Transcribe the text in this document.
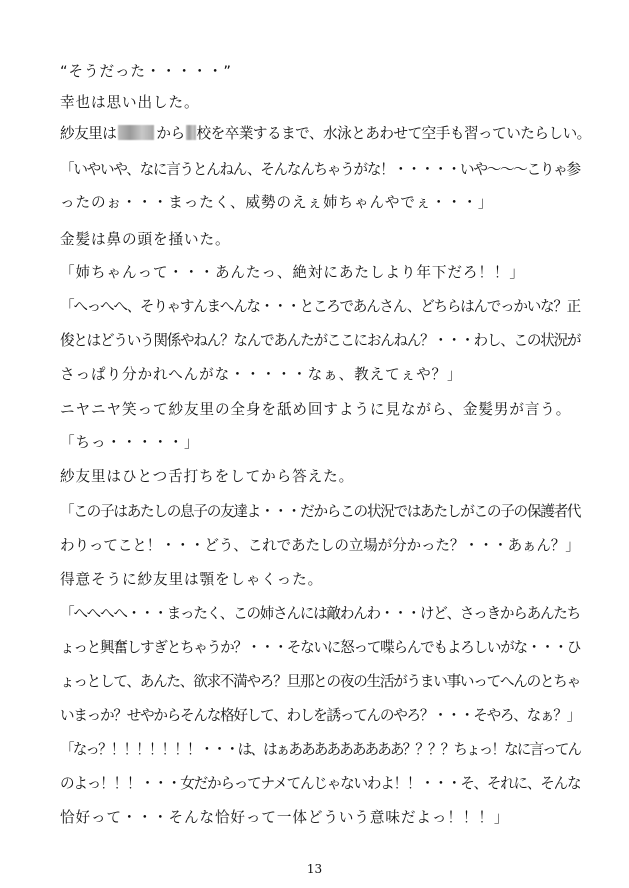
“そうだった・・・・・”
幸也は思い出した。
紗友里は	から 校を卒業するまで、水泳とあわせて空手も習っていたらしい。
「いやいや、なに言うとんねん、そんなんちゃうがな！・・・・・いや〜〜〜こりゃ参
ったのぉ・・・まったく、威勢のえぇ姉ちゃんやでぇ・・・」
金髪は鼻の頭を掻いた。
「姉ちゃんって・・・あんたっ、絶対にあたしより年下だろ！！」
「へっへへ、そりゃすんまへんな・・・ところであんさん、どちらはんでっかいな？正
俊とはどういう関係やねん？なんであんたがここにおんねん？・・・わし、この状況が
さっぱり分かれへんがな・・・・・なぁ、教えてぇや？」
ニヤニヤ笑って紗友里の全身を舐め回すように見ながら、金髪男が言う。
「ちっ・・・・・」
紗友里はひとつ舌打ちをしてから答えた。
「この子はあたしの息子の友達よ・・・だからこの状況ではあたしがこの子の保護者代
わりってこと！・・・どう、これであたしの立場が分かった？・・・あぁん？」
得意そうに紗友里は顎をしゃくった。
「へへへへ・・・まったく、この姉さんには敵わんわ・・・けど、さっきからあんたち
ょっと興奮しすぎとちゃうか？・・・そないに怒って喋らんでもよろしいがな・・・ひ
ょっとして、あんた、欲求不満やろ？旦那との夜の生活がうまい事いってへんのとちゃ
いまっか？せやからそんな格好して、わしを誘ってんのやろ？・・・そやろ、なぁ？」
「なっ？！！！！！！！・・・は、はぁあああああああああ？？？？ちょっ！なに言ってん
のよっ！！！・・・女だからってナメてんじゃないわよ！！・・・そ、それに、そんな
恰好って・・・そんな恰好って一体どういう意味だよっ！！！」
13
